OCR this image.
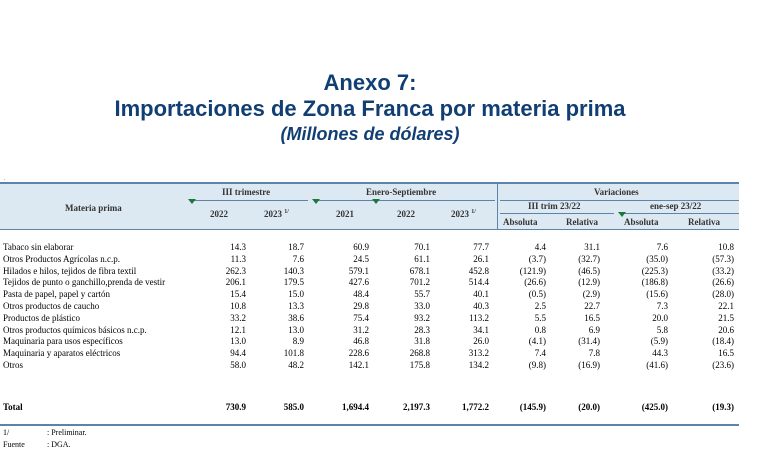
Anexo 7:
Importaciones de Zona Franca por materia prima
(Millones de dólares)
.
Materia prima
III trimestre	Enero-Septiembre	Variaciones
III trim 23/22	ene-sep 23/22
2022	2023 $^{1/}$	2021	2022	2023 $^{1/}$
Absoluta	Relativa	Absoluta	Relativa
Tabaco sin elaborar	14.3	18.7	60.9	70.1	77.7	4.4	31.1	7.6	10.8
Otros Productos Agrícolas n.c.p.	11.3	7.6	24.5	61.1	26.1	(3.7)	(32.7)	(35.0)	(57.3)
Hilados e hilos, tejidos de fibra textil	262.3	140.3	579.1	678.1	452.8	(121.9)	(46.5)	(225.3)	(33.2)
Tejidos de punto o ganchillo,prenda de vestir	206.1	179.5	427.6	701.2	514.4	(26.6)	(12.9)	(186.8)	(26.6)
Pasta de papel, papel y cartón	15.4	15.0	48.4	55.7	40.1	(0.5)	(2.9)	(15.6)	(28.0)
Otros productos de caucho	10.8	13.3	29.8	33.0	40.3	2.5	22.7	7.3	22.1
Productos de plástico	33.2	38.6	75.4	93.2	113.2	5.5	16.5	20.0	21.5
Otros productos químicos básicos n.c.p.	12.1	13.0	31.2	28.3	34.1	0.8	6.9	5.8	20.6
Maquinaria para usos específicos	13.0	8.9	46.8	31.8	26.0	(4.1)	(31.4)	(5.9)	(18.4)
Maquinaria y aparatos eléctricos	94.4	101.8	228.6	268.8	313.2	7.4	7.8	44.3	16.5
Otros	58.0	48.2	142.1	175.8	134.2	(9.8)	(16.9)	(41.6)	(23.6)
Total	730.9	585.0	1,694.4	2,197.3	1,772.2	(145.9)	(20.0)	(425.0)	(19.3)
1/	: Preliminar.
Fuente	: DGA.
